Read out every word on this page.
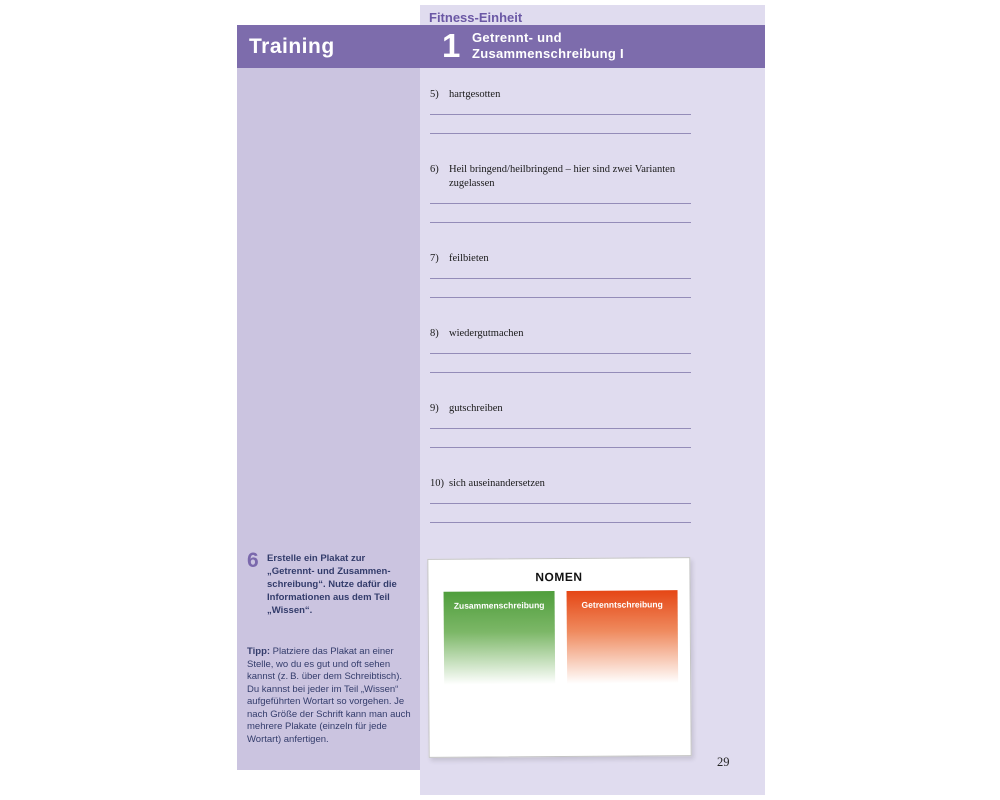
Training
6 Erstelle ein Plakat zur
„Getrennt- und Zusammen-
schreibung“. Nutze dafür die
Informationen aus dem Teil
„Wissen“.

Tipp: Platziere das Plakat an einer Stelle, wo du es gut und oft sehen kannst (z. B. über dem Schreibtisch). Du kannst bei jeder im Teil „Wissen“ aufgeführten Wortart so vorgehen. Je nach Größe der Schrift kann man auch mehrere Plakate (einzeln für jede Wortart) anfertigen.

Fitness-Einheit
1 Getrennt- und
Zusammenschreibung I
5) hartgesotten
6) Heil bringend/heilbringend – hier sind zwei Varianten zugelassen
7) feilbieten
8) wiedergutmachen
9) gutschreiben
10) sich auseinandersetzen
NOMEN
Zusammenschreibung	Getrenntschreibung
29
